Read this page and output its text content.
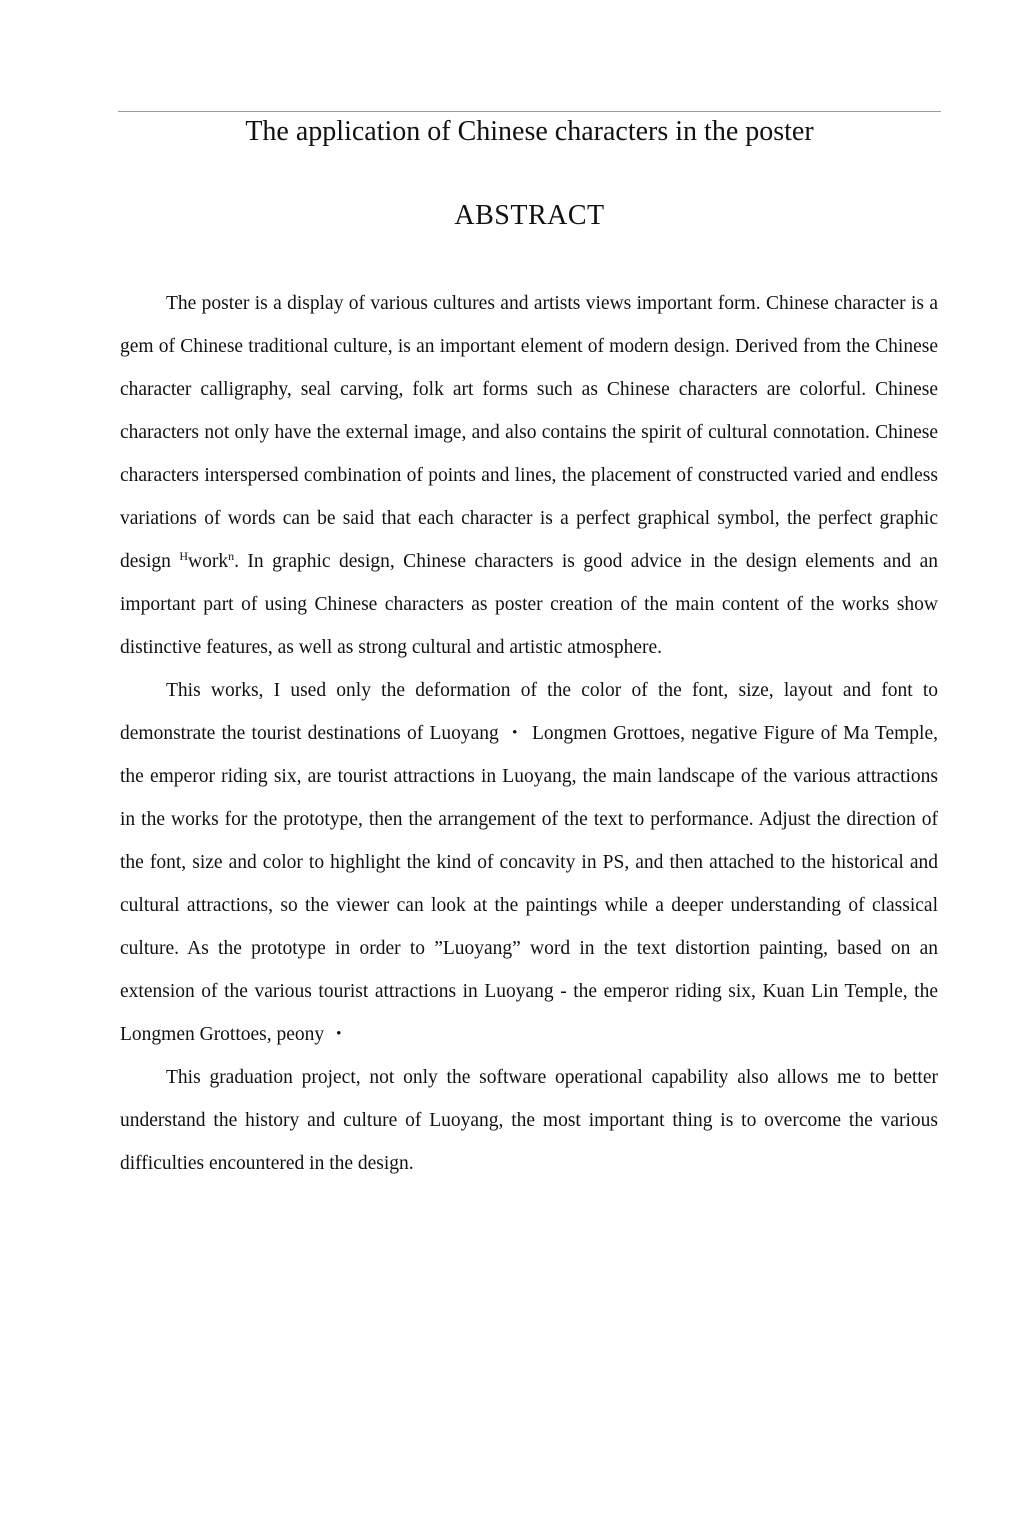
The application of Chinese characters in the poster
ABSTRACT

The poster is a display of various cultures and artists views important form. Chinese character is a gem of Chinese traditional culture, is an important element of modern design. Derived from the Chinese character calligraphy, seal carving, folk art forms such as Chinese characters are colorful. Chinese characters not only have the external image, and also contains the spirit of cultural connotation. Chinese characters interspersed combination of points and lines, the placement of constructed varied and endless variations of words can be said that each character is a perfect graphical symbol, the perfect graphic design $^H$work$^n$. In graphic design, Chinese characters is good advice in the design elements and an important part of using Chinese characters as poster creation of the main content of the works show distinctive features, as well as strong cultural and artistic atmosphere.

This works, I used only the deformation of the color of the font, size, layout and font to demonstrate the tourist destinations of Luoyang ・ Longmen Grottoes, negative Figure of Ma Temple, the emperor riding six, are tourist attractions in Luoyang, the main landscape of the various attractions in the works for the prototype, then the arrangement of the text to performance. Adjust the direction of the font, size and color to highlight the kind of concavity in PS, and then attached to the historical and cultural attractions, so the viewer can look at the paintings while a deeper understanding of classical culture. As the prototype in order to ”Luoyang” word in the text distortion painting, based on an extension of the various tourist attractions in Luoyang - the emperor riding six, Kuan Lin Temple, the Longmen Grottoes, peony ・

This graduation project, not only the software operational capability also allows me to better understand the history and culture of Luoyang, the most important thing is to overcome the various difficulties encountered in the design.
